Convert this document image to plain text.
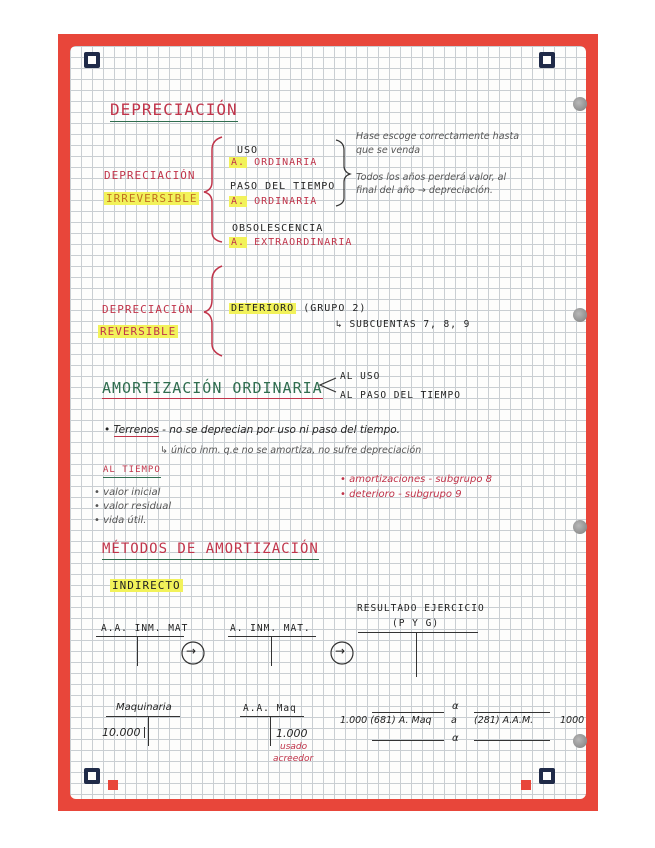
DEPRECIACIÓN
DEPRECIACIÓN
IRREVERSIBLE
USO
A. ORDINARIA
PASO DEL TIEMPO
A. ORDINARIA
OBSOLESCENCIA
A. EXTRAORDINARIA
Hase escoge correctamente hasta
que se venda
Todos los años perderá valor, al
final del año → depreciación.
DEPRECIACIÓN
REVERSIBLE
DETERIORO (GRUPO 2)
↳ SUBCUENTAS 7, 8, 9
AMORTIZACIÓN ORDINARIA
AL USO
AL PASO DEL TIEMPO
• Terrenos - no se deprecian por uso ni paso del tiempo.
↳ único inm. q.e no se amortiza, no sufre depreciación
AL TIEMPO
• valor inicial
• valor residual
• vida útil.
• amortizaciones - subgrupo 8
• deterioro - subgrupo 9
MÉTODOS DE AMORTIZACIÓN
INDIRECTO
A.A. INM. MAT	A. INM. MAT.
→	→
RESULTADO EJERCICIO
(P Y G)
Maquinaria
10.000
A.A. Maq
1.000
usado
acreedor
α
1.000 (681) A. Maq a (281) A.A.M.	1000
α
